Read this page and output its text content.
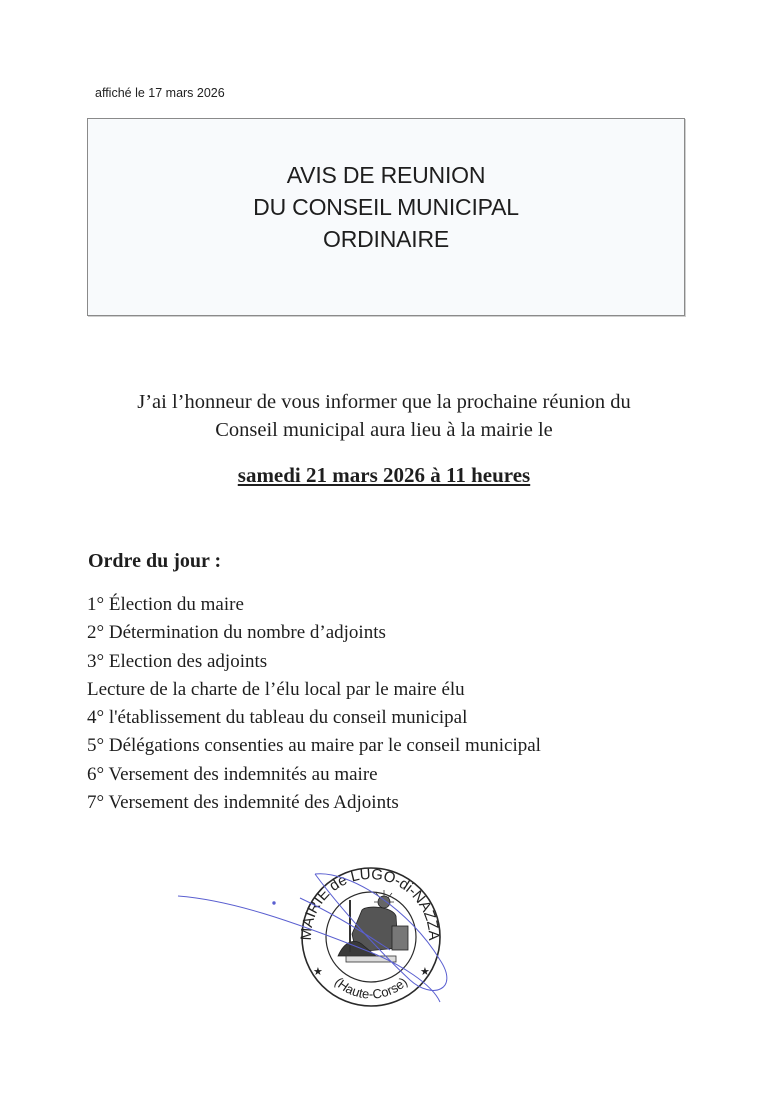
affiché le 17 mars 2026
AVIS DE REUNION
DU CONSEIL MUNICIPAL
ORDINAIRE
J’ai l’honneur de vous informer que la prochaine réunion du
Conseil municipal aura lieu à la mairie le
samedi 21 mars 2026 à 11 heures
Ordre du jour :
1° Élection du maire
2° Détermination du nombre d’adjoints
3° Election des adjoints
Lecture de la charte de l’élu local par le maire élu
4° l'établissement du tableau du conseil municipal
5° Délégations consenties au maire par le conseil municipal
6° Versement des indemnités au maire
7° Versement des indemnité des Adjoints
MAIRIE de LUGO-di-NAZZA
(Haute-Corse)
★	★
